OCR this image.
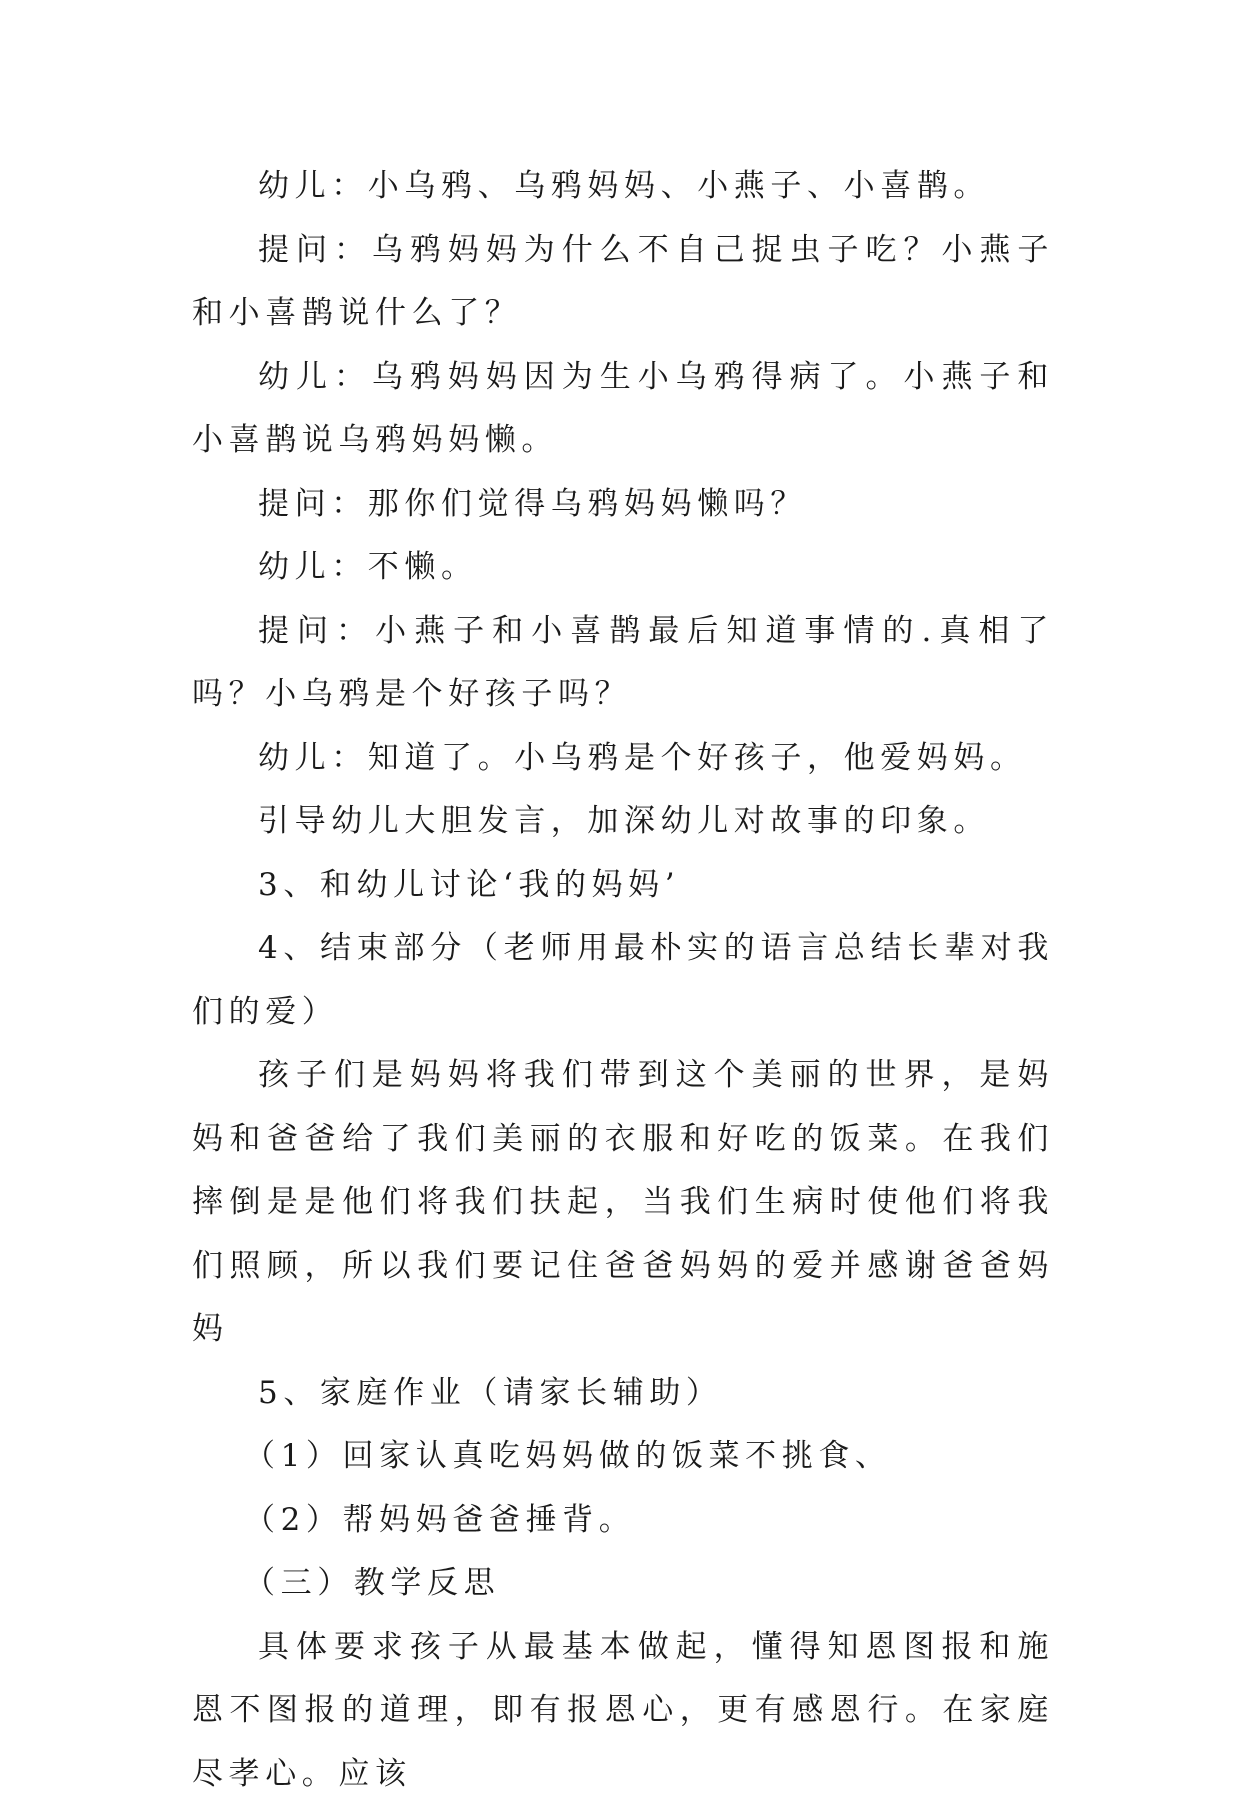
幼儿：小乌鸦、乌鸦妈妈、小燕子、小喜鹊。

提问：乌鸦妈妈为什么不自己捉虫子吃？小燕子和小喜鹊说什么了？

幼儿：乌鸦妈妈因为生小乌鸦得病了。小燕子和小喜鹊说乌鸦妈妈懒。

提问：那你们觉得乌鸦妈妈懒吗？

幼儿：不懒。

提问：小燕子和小喜鹊最后知道事情的.真相了吗？小乌鸦是个好孩子吗？

幼儿：知道了。小乌鸦是个好孩子，他爱妈妈。

引导幼儿大胆发言，加深幼儿对故事的印象。

3、和幼儿讨论‘我的妈妈’

4、结束部分（老师用最朴实的语言总结长辈对我们的爱）

孩子们是妈妈将我们带到这个美丽的世界，是妈妈和爸爸给了我们美丽的衣服和好吃的饭菜。在我们摔倒是是他们将我们扶起，当我们生病时使他们将我们照顾，所以我们要记住爸爸妈妈的爱并感谢爸爸妈妈

5、家庭作业（请家长辅助）

（1）回家认真吃妈妈做的饭菜不挑食、

（2）帮妈妈爸爸捶背。

（三）教学反思

具体要求孩子从最基本做起，懂得知恩图报和施恩不图报的道理，即有报恩心，更有感恩行。在家庭尽孝心。应该
